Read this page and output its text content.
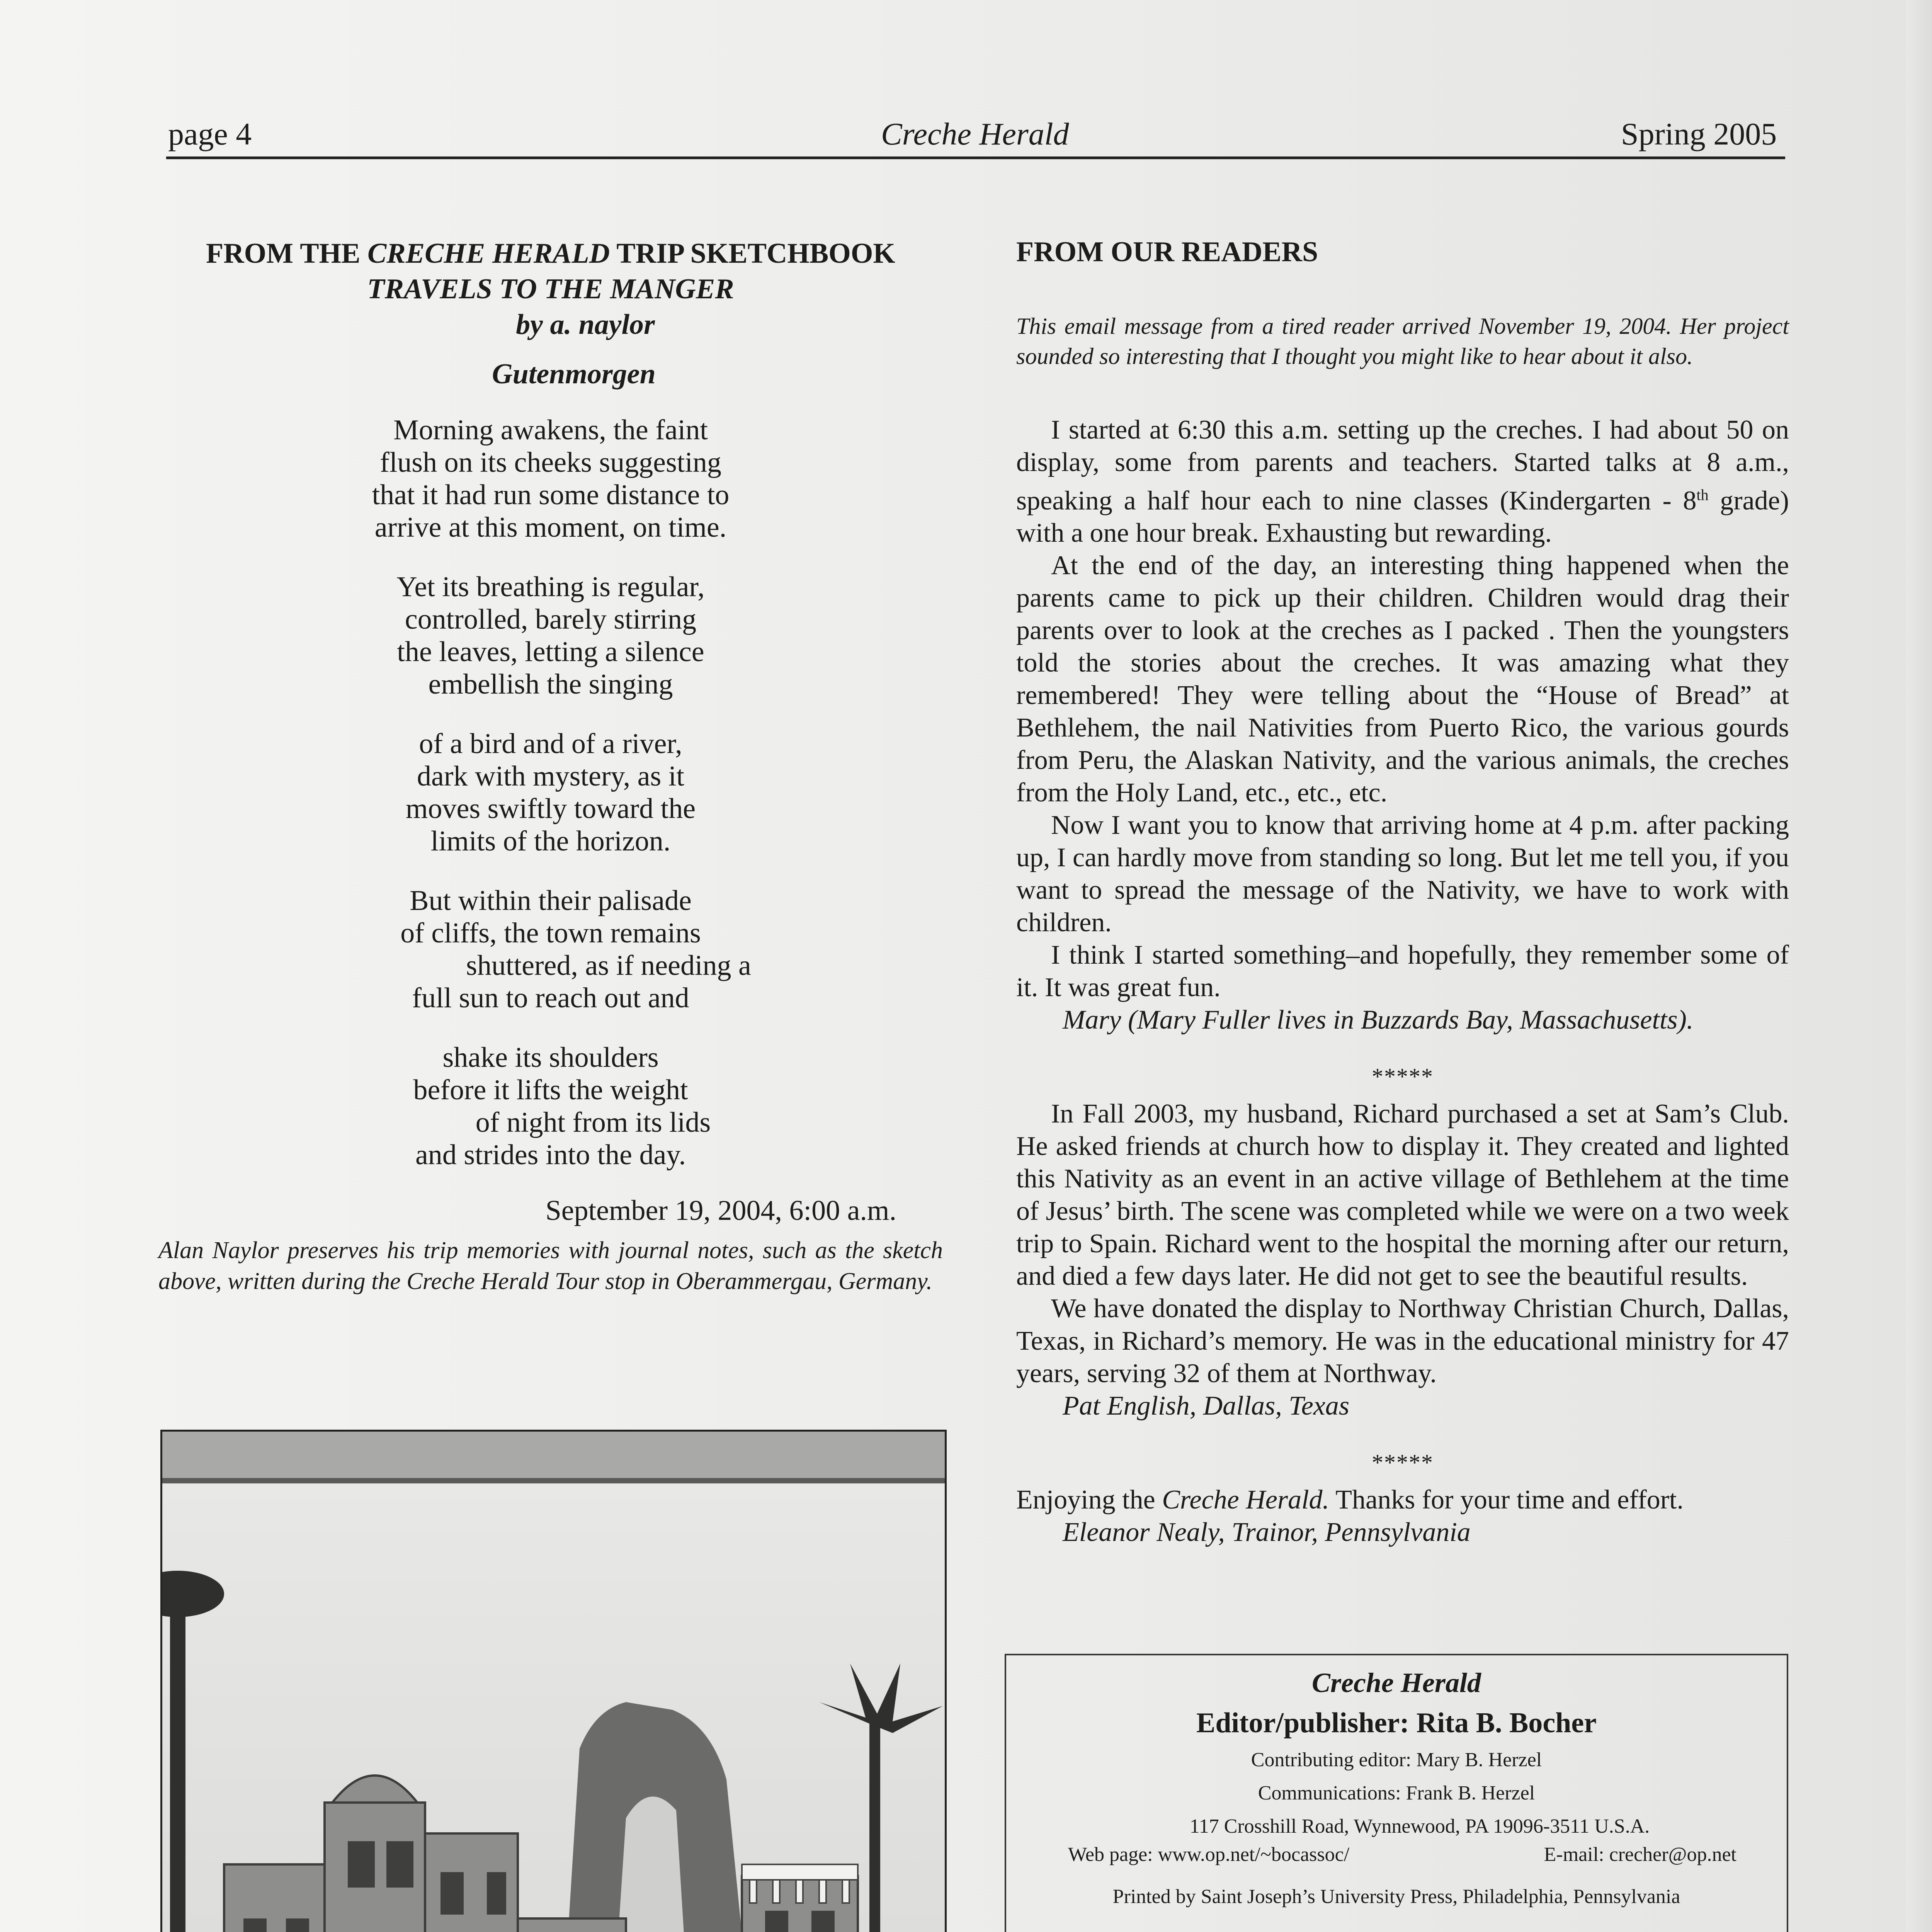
page 4	Creche Herald	Spring 2005
FROM THE CRECHE HERALD TRIP SKETCHBOOK
TRAVELS TO THE MANGER
by a. naylor
Gutenmorgen
Morning awakens, the faint
flush on its cheeks suggesting
that it had run some distance to
arrive at this moment, on time.
Yet its breathing is regular,
controlled, barely stirring
the leaves, letting a silence
embellish the singing
of a bird and of a river,
dark with mystery, as it
moves swiftly toward the
limits of the horizon.
But within their palisade
of cliffs, the town remains
shuttered, as if needing a
full sun to reach out and
shake its shoulders
before it lifts the weight
of night from its lids
and strides into the day.
September 19, 2004, 6:00 a.m.
Alan Naylor preserves his trip memories with journal notes, such as the sketch above, written during the Creche Herald Tour stop in Oberammergau, Germany.
FROM OUR READERS
This email message from a tired reader arrived November 19, 2004. Her project sounded so interesting that I thought you might like to hear about it also.
I started at 6:30 this a.m. setting up the creches. I had about 50 on display, some from parents and teachers. Started talks at 8 a.m., speaking a half hour each to nine classes (Kindergarten - 8th grade) with a one hour break. Exhausting but rewarding.
At the end of the day, an interesting thing happened when the parents came to pick up their children. Children would drag their parents over to look at the creches as I packed . Then the youngsters told the stories about the creches. It was amazing what they remembered! They were telling about the “House of Bread” at Bethlehem, the nail Nativities from Puerto Rico, the various gourds from Peru, the Alaskan Nativity, and the various animals, the creches from the Holy Land, etc., etc., etc.
Now I want you to know that arriving home at 4 p.m. after packing up, I can hardly move from standing so long. But let me tell you, if you want to spread the message of the Nativity, we have to work with children.
I think I started something–and hopefully, they remember some of it. It was great fun.
Mary (Mary Fuller lives in Buzzards Bay, Massachusetts).
*****
In Fall 2003, my husband, Richard purchased a set at Sam’s Club. He asked friends at church how to display it. They created and lighted this Nativity as an event in an active village of Bethlehem at the time of Jesus’ birth. The scene was completed while we were on a two week trip to Spain. Richard went to the hospital the morning after our return, and died a few days later. He did not get to see the beautiful results.
We have donated the display to Northway Christian Church, Dallas, Texas, in Richard’s memory. He was in the educational ministry for 47 years, serving 32 of them at Northway.
Pat English, Dallas, Texas
*****
Enjoying the Creche Herald. Thanks for your time and effort.
Eleanor Nealy, Trainor, Pennsylvania
Creche Herald
Editor/publisher: Rita B. Bocher
Contributing editor: Mary B. Herzel
Communications: Frank B. Herzel
117 Crosshill Road, Wynnewood, PA 19096-3511 U.S.A.
Web page: www.op.net/~bocassoc/	E-mail: crecher@op.net
Printed by Saint Joseph’s University Press, Philadelphia, Pennsylvania
